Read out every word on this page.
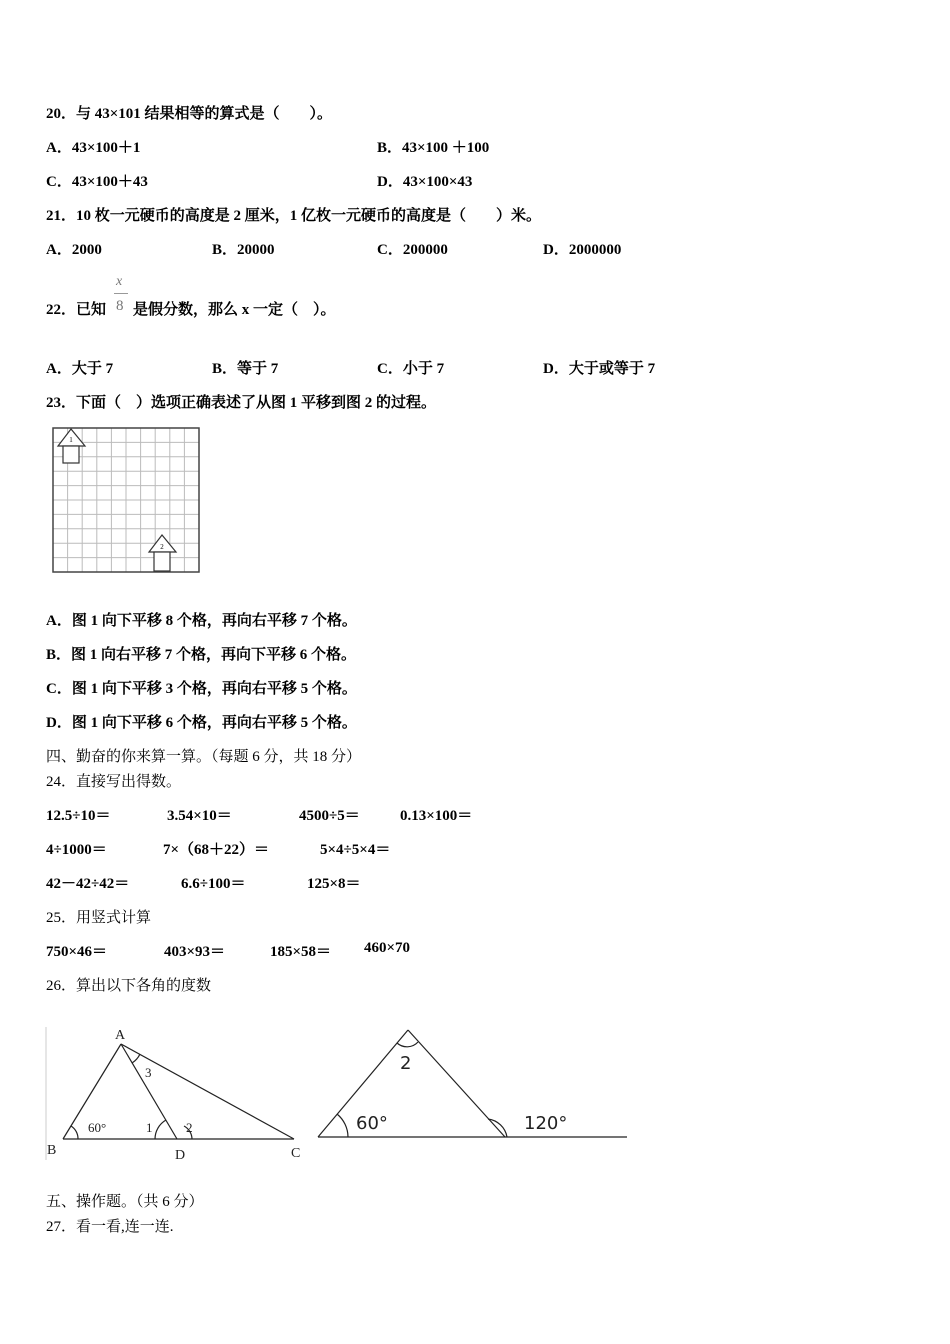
20．与 43×101 结果相等的算式是（　　）。
A．43×100＋1	B．43×100 ＋100
C．43×100＋43	D．43×100×43
21．10 枚一元硬币的高度是 2 厘米，1 亿枚一元硬币的高度是（　　）米。
A．2000	B．20000	C．200000	D．2000000
22．已知
x
8 是假分数，那么 x 一定（　）。
A．大于 7	B．等于 7	C．小于 7	D．大于或等于 7
23．下面（　）选项正确表述了从图 1 平移到图 2 的过程。
1
2
A．图 1 向下平移 8 个格，再向右平移 7 个格。
B．图 1 向右平移 7 个格，再向下平移 6 个格。
C．图 1 向下平移 3 个格，再向右平移 5 个格。
D．图 1 向下平移 6 个格，再向右平移 5 个格。
四、勤奋的你来算一算。（每题 6 分，共 18 分）
24．直接写出得数。
12.5÷10＝	3.54×10＝	4500÷5＝	0.13×100＝
4÷1000＝	7×（68＋22）＝	5×4÷5×4＝
42－42÷42＝	6.6÷100＝	125×8＝
25．用竖式计算
750×46＝	403×93＝	185×58＝ 460×70
26．算出以下各角的度数
A
B	C
D
60°	1	2
3	2
60°	120°
五、操作题。（共 6 分）
27．看一看,连一连.
